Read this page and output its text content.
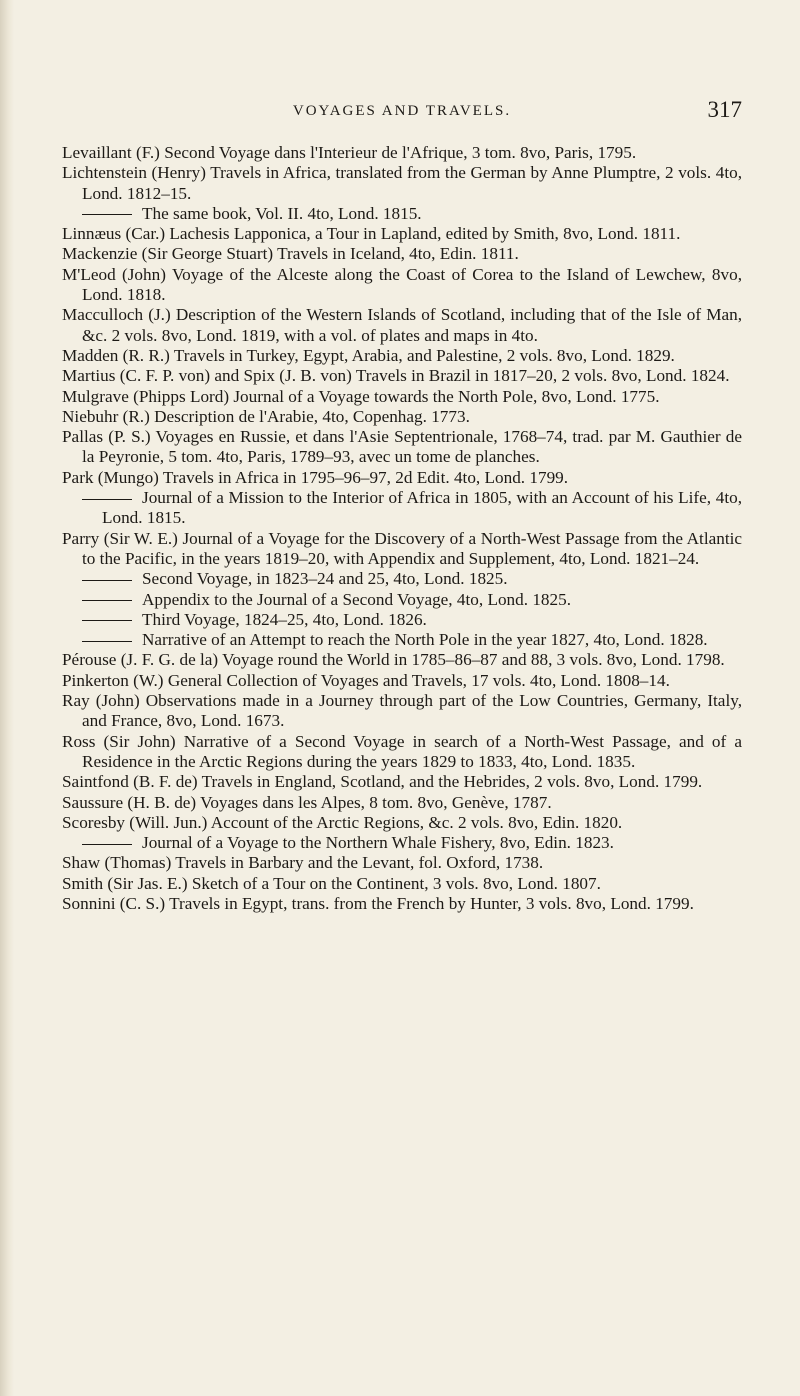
VOYAGES AND TRAVELS.	317
Levaillant (F.) Second Voyage dans l'Interieur de l'Afrique, 3 tom. 8vo, Paris, 1795.
Lichtenstein (Henry) Travels in Africa, translated from the German by Anne Plumptre, 2 vols. 4to, Lond. 1812–15.
The same book, Vol. II. 4to, Lond. 1815.
Linnæus (Car.) Lachesis Lapponica, a Tour in Lapland, edited by Smith, 8vo, Lond. 1811.
Mackenzie (Sir George Stuart) Travels in Iceland, 4to, Edin. 1811.
M'Leod (John) Voyage of the Alceste along the Coast of Corea to the Island of Lewchew, 8vo, Lond. 1818.
Macculloch (J.) Description of the Western Islands of Scotland, including that of the Isle of Man, &c. 2 vols. 8vo, Lond. 1819, with a vol. of plates and maps in 4to.
Madden (R. R.) Travels in Turkey, Egypt, Arabia, and Palestine, 2 vols. 8vo, Lond. 1829.
Martius (C. F. P. von) and Spix (J. B. von) Travels in Brazil in 1817–20, 2 vols. 8vo, Lond. 1824.
Mulgrave (Phipps Lord) Journal of a Voyage towards the North Pole, 8vo, Lond. 1775.
Niebuhr (R.) Description de l'Arabie, 4to, Copenhag. 1773.
Pallas (P. S.) Voyages en Russie, et dans l'Asie Septentrionale, 1768–74, trad. par M. Gauthier de la Peyronie, 5 tom. 4to, Paris, 1789–93, avec un tome de planches.
Park (Mungo) Travels in Africa in 1795–96–97, 2d Edit. 4to, Lond. 1799.
Journal of a Mission to the Interior of Africa in 1805, with an Account of his Life, 4to, Lond. 1815.
Parry (Sir W. E.) Journal of a Voyage for the Discovery of a North-West Passage from the Atlantic to the Pacific, in the years 1819–20, with Appendix and Supplement, 4to, Lond. 1821–24.
Second Voyage, in 1823–24 and 25, 4to, Lond. 1825.
Appendix to the Journal of a Second Voyage, 4to, Lond. 1825.
Third Voyage, 1824–25, 4to, Lond. 1826.
Narrative of an Attempt to reach the North Pole in the year 1827, 4to, Lond. 1828.
Pérouse (J. F. G. de la) Voyage round the World in 1785–86–87 and 88, 3 vols. 8vo, Lond. 1798.
Pinkerton (W.) General Collection of Voyages and Travels, 17 vols. 4to, Lond. 1808–14.
Ray (John) Observations made in a Journey through part of the Low Countries, Germany, Italy, and France, 8vo, Lond. 1673.
Ross (Sir John) Narrative of a Second Voyage in search of a North-West Passage, and of a Residence in the Arctic Regions during the years 1829 to 1833, 4to, Lond. 1835.
Saintfond (B. F. de) Travels in England, Scotland, and the Hebrides, 2 vols. 8vo, Lond. 1799.
Saussure (H. B. de) Voyages dans les Alpes, 8 tom. 8vo, Genève, 1787.
Scoresby (Will. Jun.) Account of the Arctic Regions, &c. 2 vols. 8vo, Edin. 1820.
Journal of a Voyage to the Northern Whale Fishery, 8vo, Edin. 1823.
Shaw (Thomas) Travels in Barbary and the Levant, fol. Oxford, 1738.
Smith (Sir Jas. E.) Sketch of a Tour on the Continent, 3 vols. 8vo, Lond. 1807.
Sonnini (C. S.) Travels in Egypt, trans. from the French by Hunter, 3 vols. 8vo, Lond. 1799.
